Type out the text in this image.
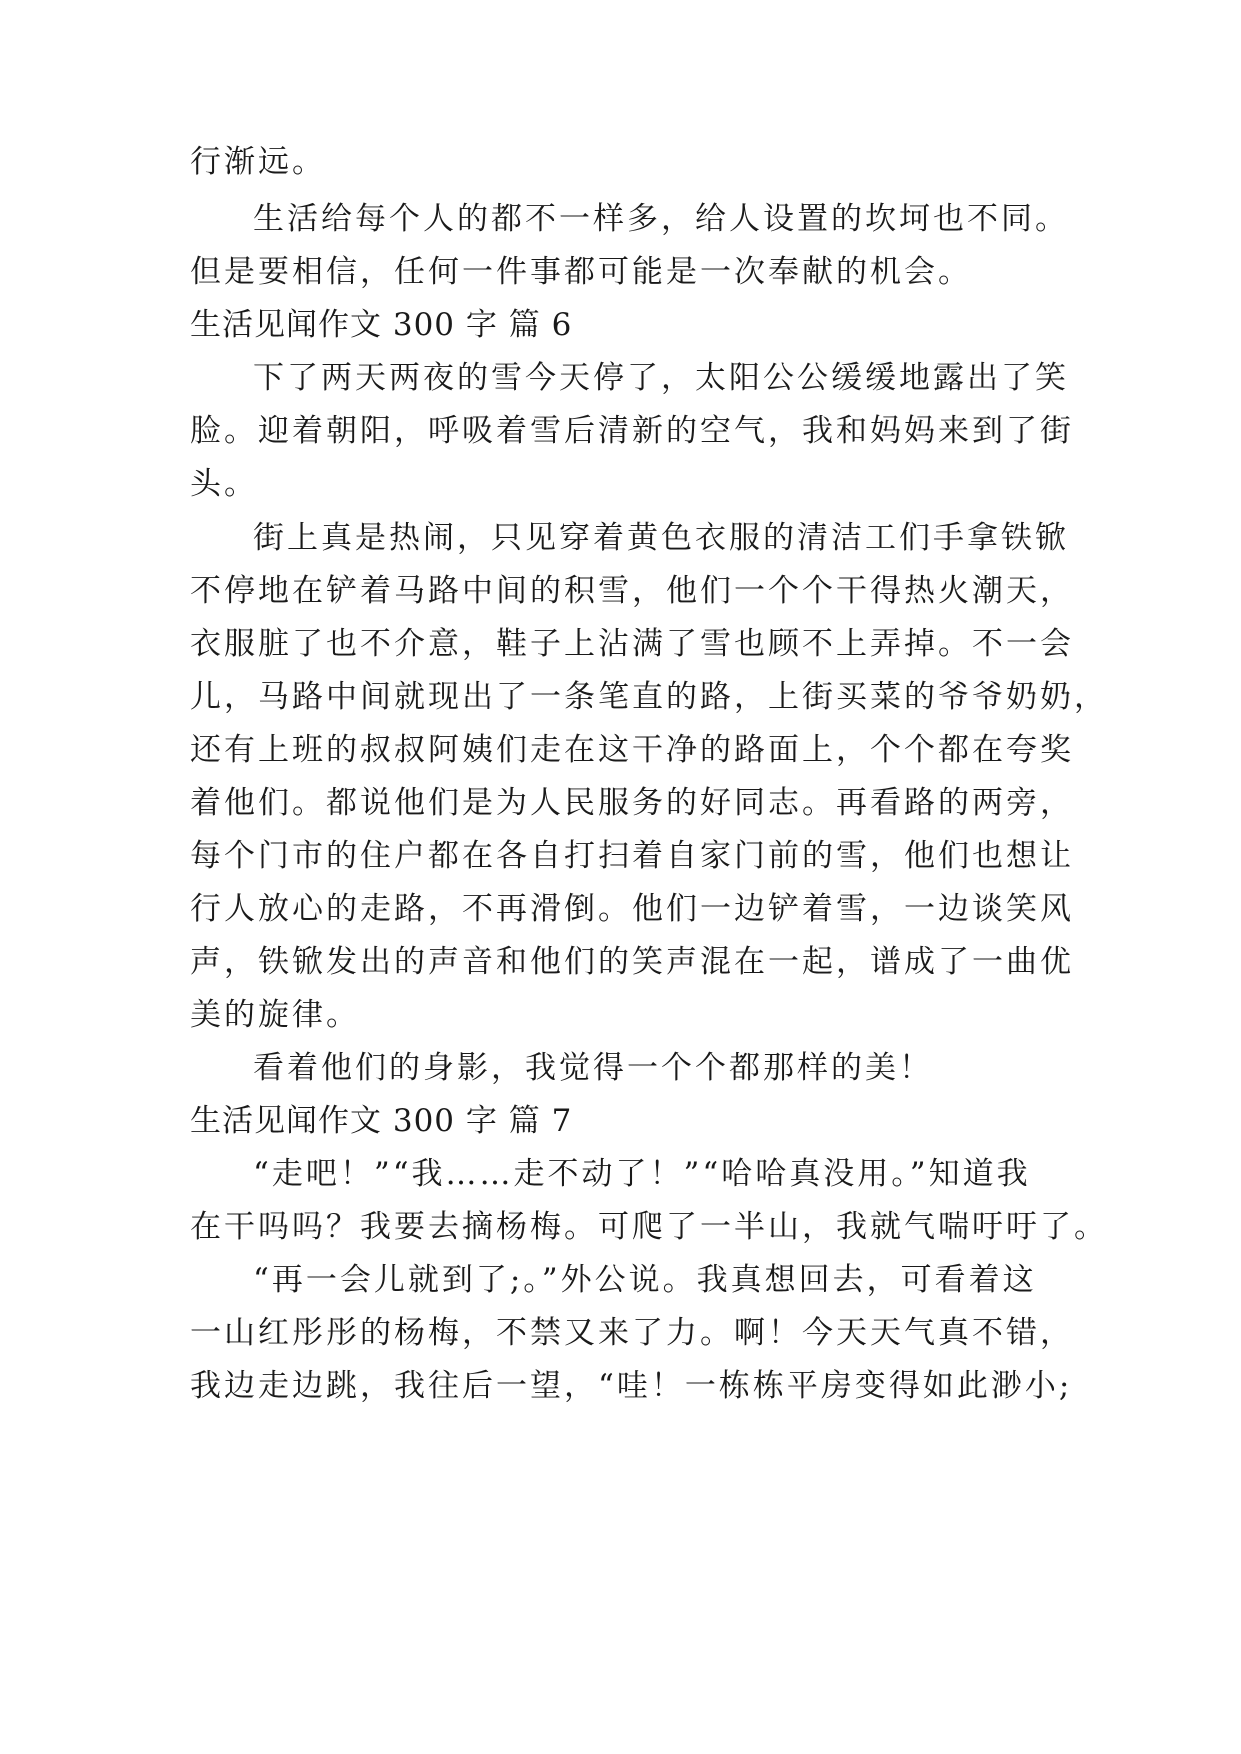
行渐远。
生活给每个人的都不一样多，给人设置的坎坷也不同。
但是要相信，任何一件事都可能是一次奉献的机会。
生活见闻作文 300 字 篇 6
下了两天两夜的雪今天停了，太阳公公缓缓地露出了笑
脸。迎着朝阳，呼吸着雪后清新的空气，我和妈妈来到了街
头。
街上真是热闹，只见穿着黄色衣服的清洁工们手拿铁锨
不停地在铲着马路中间的积雪，他们一个个干得热火潮天，
衣服脏了也不介意，鞋子上沾满了雪也顾不上弄掉。不一会
儿，马路中间就现出了一条笔直的路，上街买菜的爷爷奶奶，
还有上班的叔叔阿姨们走在这干净的路面上，个个都在夸奖
着他们。都说他们是为人民服务的好同志。再看路的两旁，
每个门市的住户都在各自打扫着自家门前的雪，他们也想让
行人放心的走路，不再滑倒。他们一边铲着雪，一边谈笑风
声，铁锨发出的声音和他们的笑声混在一起，谱成了一曲优
美的旋律。
看着他们的身影，我觉得一个个都那样的美！
生活见闻作文 300 字 篇 7
“走吧！”“我……走不动了！”“哈哈真没用。”知道我
在干吗吗？我要去摘杨梅。可爬了一半山，我就气喘吁吁了。
“再一会儿就到了;。”外公说。我真想回去，可看着这
一山红彤彤的杨梅，不禁又来了力。啊！今天天气真不错，
我边走边跳，我往后一望，“哇！一栋栋平房变得如此渺小;
